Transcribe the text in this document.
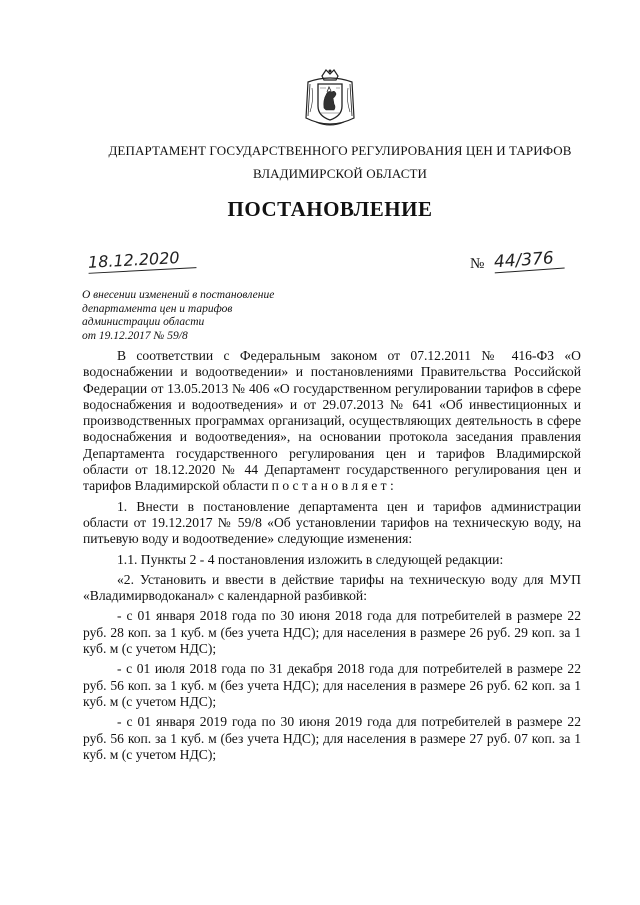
ДЕПАРТАМЕНТ ГОСУДАРСТВЕННОГО РЕГУЛИРОВАНИЯ ЦЕН И ТАРИФОВ
ВЛАДИМИРСКОЙ ОБЛАСТИ
ПОСТАНОВЛЕНИЕ
18.12.2020	№ 44/376
О внесении изменений в постановление
департамента цен и тарифов
администрации области
от 19.12.2017 № 59/8

В соответствии с Федеральным законом от 07.12.2011 № 416-ФЗ «О водоснабжении и водоотведении» и постановлениями Правительства Российской Федерации от 13.05.2013 № 406 «О государственном регулировании тарифов в сфере водоснабжения и водоотведения» и от 29.07.2013 № 641 «Об инвестиционных и производственных программах организаций, осуществляющих деятельность в сфере водоснабжения и водоотведения», на основании протокола заседания правления Департамента государственного регулирования цен и тарифов Владимирской области от 18.12.2020 № 44 Департамент государственного регулирования цен и тарифов Владимирской области п о с т а н о в л я е т :

1. Внести в постановление департамента цен и тарифов администрации области от 19.12.2017 № 59/8 «Об установлении тарифов на техническую воду, на питьевую воду и водоотведение» следующие изменения:

1.1. Пункты 2 - 4 постановления изложить в следующей редакции:

«2. Установить и ввести в действие тарифы на техническую воду для МУП «Владимирводоканал» с календарной разбивкой:

- с 01 января 2018 года по 30 июня 2018 года для потребителей в размере 22 руб. 28 коп. за 1 куб. м (без учета НДС); для населения в размере 26 руб. 29 коп. за 1 куб. м (с учетом НДС);

- с 01 июля 2018 года по 31 декабря 2018 года для потребителей в размере 22 руб. 56 коп. за 1 куб. м (без учета НДС); для населения в размере 26 руб. 62 коп. за 1 куб. м (с учетом НДС);

- с 01 января 2019 года по 30 июня 2019 года для потребителей в размере 22 руб. 56 коп. за 1 куб. м (без учета НДС); для населения в размере 27 руб. 07 коп. за 1 куб. м (с учетом НДС);
